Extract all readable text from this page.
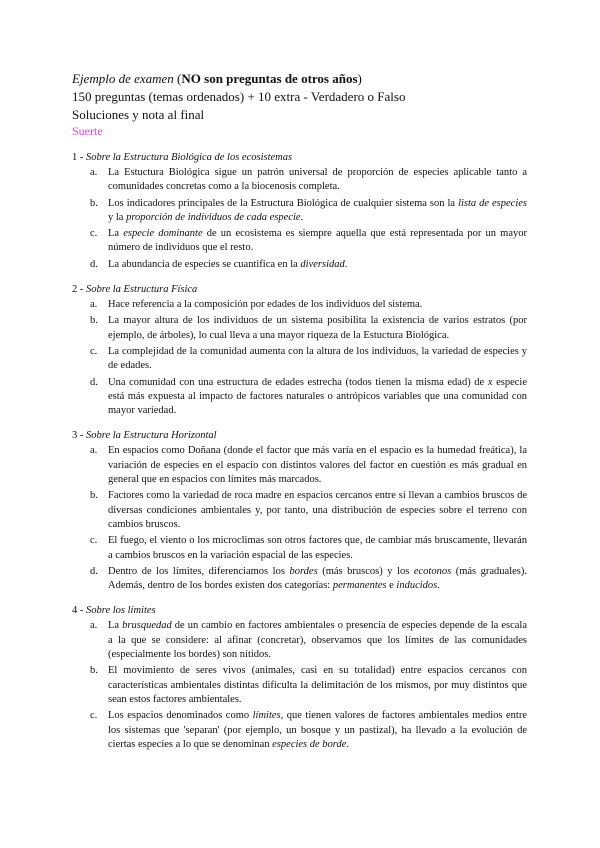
Ejemplo de examen (NO son preguntas de otros años)

150 preguntas (temas ordenados) + 10 extra - Verdadero o Falso

Soluciones y nota al final

Suerte

1 - Sobre la Estructura Biológica de los ecosistemas

a. La Estuctura Biológica sigue un patrón universal de proporción de especies aplicable tanto a comunidades concretas como a la biocenosis completa.
b. Los indicadores principales de la Estructura Biológica de cualquier sistema son la lista de especies y la proporción de individuos de cada especie.
c. La especie dominante de un ecosistema es siempre aquella que está representada por un mayor número de individuos que el resto.
d. La abundancia de especies se cuantifica en la diversidad.

2 - Sobre la Estructura Física

a. Hace referencia a la composición por edades de los individuos del sistema.
b. La mayor altura de los individuos de un sistema posibilita la existencia de varios estratos (por ejemplo, de árboles), lo cual lleva a una mayor riqueza de la Estuctura Biológica.
c. La complejidad de la comunidad aumenta con la altura de los individuos, la variedad de especies y de edades.
d. Una comunidad con una estructura de edades estrecha (todos tienen la misma edad) de x especie está más expuesta al impacto de factores naturales o antrópicos variables que una comunidad con mayor variedad.

3 - Sobre la Estructura Horizontal

a. En espacios como Doñana (donde el factor que más varía en el espacio es la humedad freática), la variación de especies en el espacio con distintos valores del factor en cuestión es más gradual en general que en espacios con límites más marcados.
b. Factores como la variedad de roca madre en espacios cercanos entre sí llevan a cambios bruscos de diversas condiciones ambientales y, por tanto, una distribución de especies sobre el terreno con cambios bruscos.
c. El fuego, el viento o los microclimas son otros factores que, de cambiar más bruscamente, llevarán a cambios bruscos en la variación espacial de las especies.
d. Dentro de los límites, diferenciamos los bordes (más bruscos) y los ecotonos (más graduales). Además, dentro de los bordes existen dos categorías: permanentes e inducidos.

4 - Sobre los límites

a. La brusquedad de un cambio en factores ambientales o presencia de especies depende de la escala a la que se considere: al afinar (concretar), observamos que los límites de las comunidades (especialmente los bordes) son nítidos.
b. El movimiento de seres vivos (animales, casi en su totalidad) entre espacios cercanos con características ambientales distintas dificulta la delimitación de los mismos, por muy distintos que sean estos factores ambientales.
c. Los espacios denominados como límites, que tienen valores de factores ambientales medios entre los sistemas que 'separan' (por ejemplo, un bosque y un pastizal), ha llevado a la evolución de ciertas especies a lo que se denominan especies de borde.
